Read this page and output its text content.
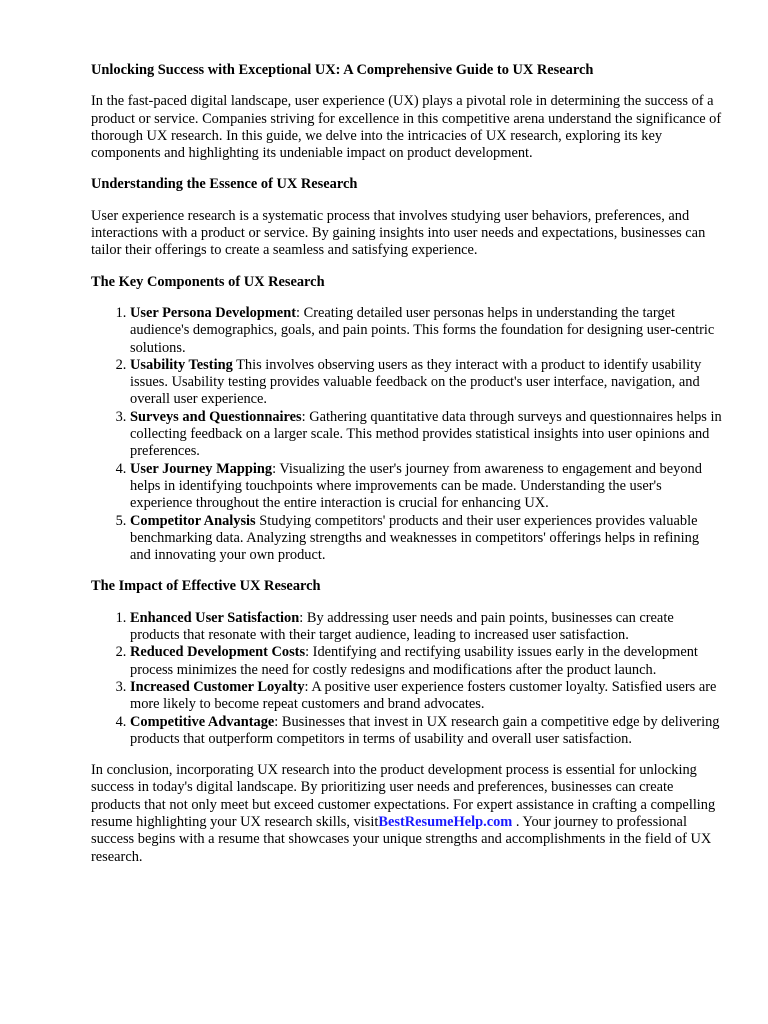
Unlocking Success with Exceptional UX: A Comprehensive Guide to UX Research
In the fast-paced digital landscape, user experience (UX) plays a pivotal role in determining the success of a product or service. Companies striving for excellence in this competitive arena understand the significance of thorough UX research. In this guide, we delve into the intricacies of UX research, exploring its key components and highlighting its undeniable impact on product development.
Understanding the Essence of UX Research
User experience research is a systematic process that involves studying user behaviors, preferences, and interactions with a product or service. By gaining insights into user needs and expectations, businesses can tailor their offerings to create a seamless and satisfying experience.
The Key Components of UX Research
1. User Persona Development: Creating detailed user personas helps in understanding the target audience's demographics, goals, and pain points. This forms the foundation for designing user-centric solutions.
2. Usability Testing This involves observing users as they interact with a product to identify usability issues. Usability testing provides valuable feedback on the product's user interface, navigation, and overall user experience.
3. Surveys and Questionnaires: Gathering quantitative data through surveys and questionnaires helps in collecting feedback on a larger scale. This method provides statistical insights into user opinions and preferences.
4. User Journey Mapping: Visualizing the user's journey from awareness to engagement and beyond helps in identifying touchpoints where improvements can be made. Understanding the user's experience throughout the entire interaction is crucial for enhancing UX.
5. Competitor Analysis Studying competitors' products and their user experiences provides valuable benchmarking data. Analyzing strengths and weaknesses in competitors' offerings helps in refining and innovating your own product.
The Impact of Effective UX Research
1. Enhanced User Satisfaction: By addressing user needs and pain points, businesses can create products that resonate with their target audience, leading to increased user satisfaction.
2. Reduced Development Costs: Identifying and rectifying usability issues early in the development process minimizes the need for costly redesigns and modifications after the product launch.
3. Increased Customer Loyalty: A positive user experience fosters customer loyalty. Satisfied users are more likely to become repeat customers and brand advocates.
4. Competitive Advantage: Businesses that invest in UX research gain a competitive edge by delivering products that outperform competitors in terms of usability and overall user satisfaction.
In conclusion, incorporating UX research into the product development process is essential for unlocking success in today's digital landscape. By prioritizing user needs and preferences, businesses can create products that not only meet but exceed customer expectations. For expert assistance in crafting a compelling resume highlighting your UX research skills, visitBestResumeHelp.com . Your journey to professional success begins with a resume that showcases your unique strengths and accomplishments in the field of UX research.
